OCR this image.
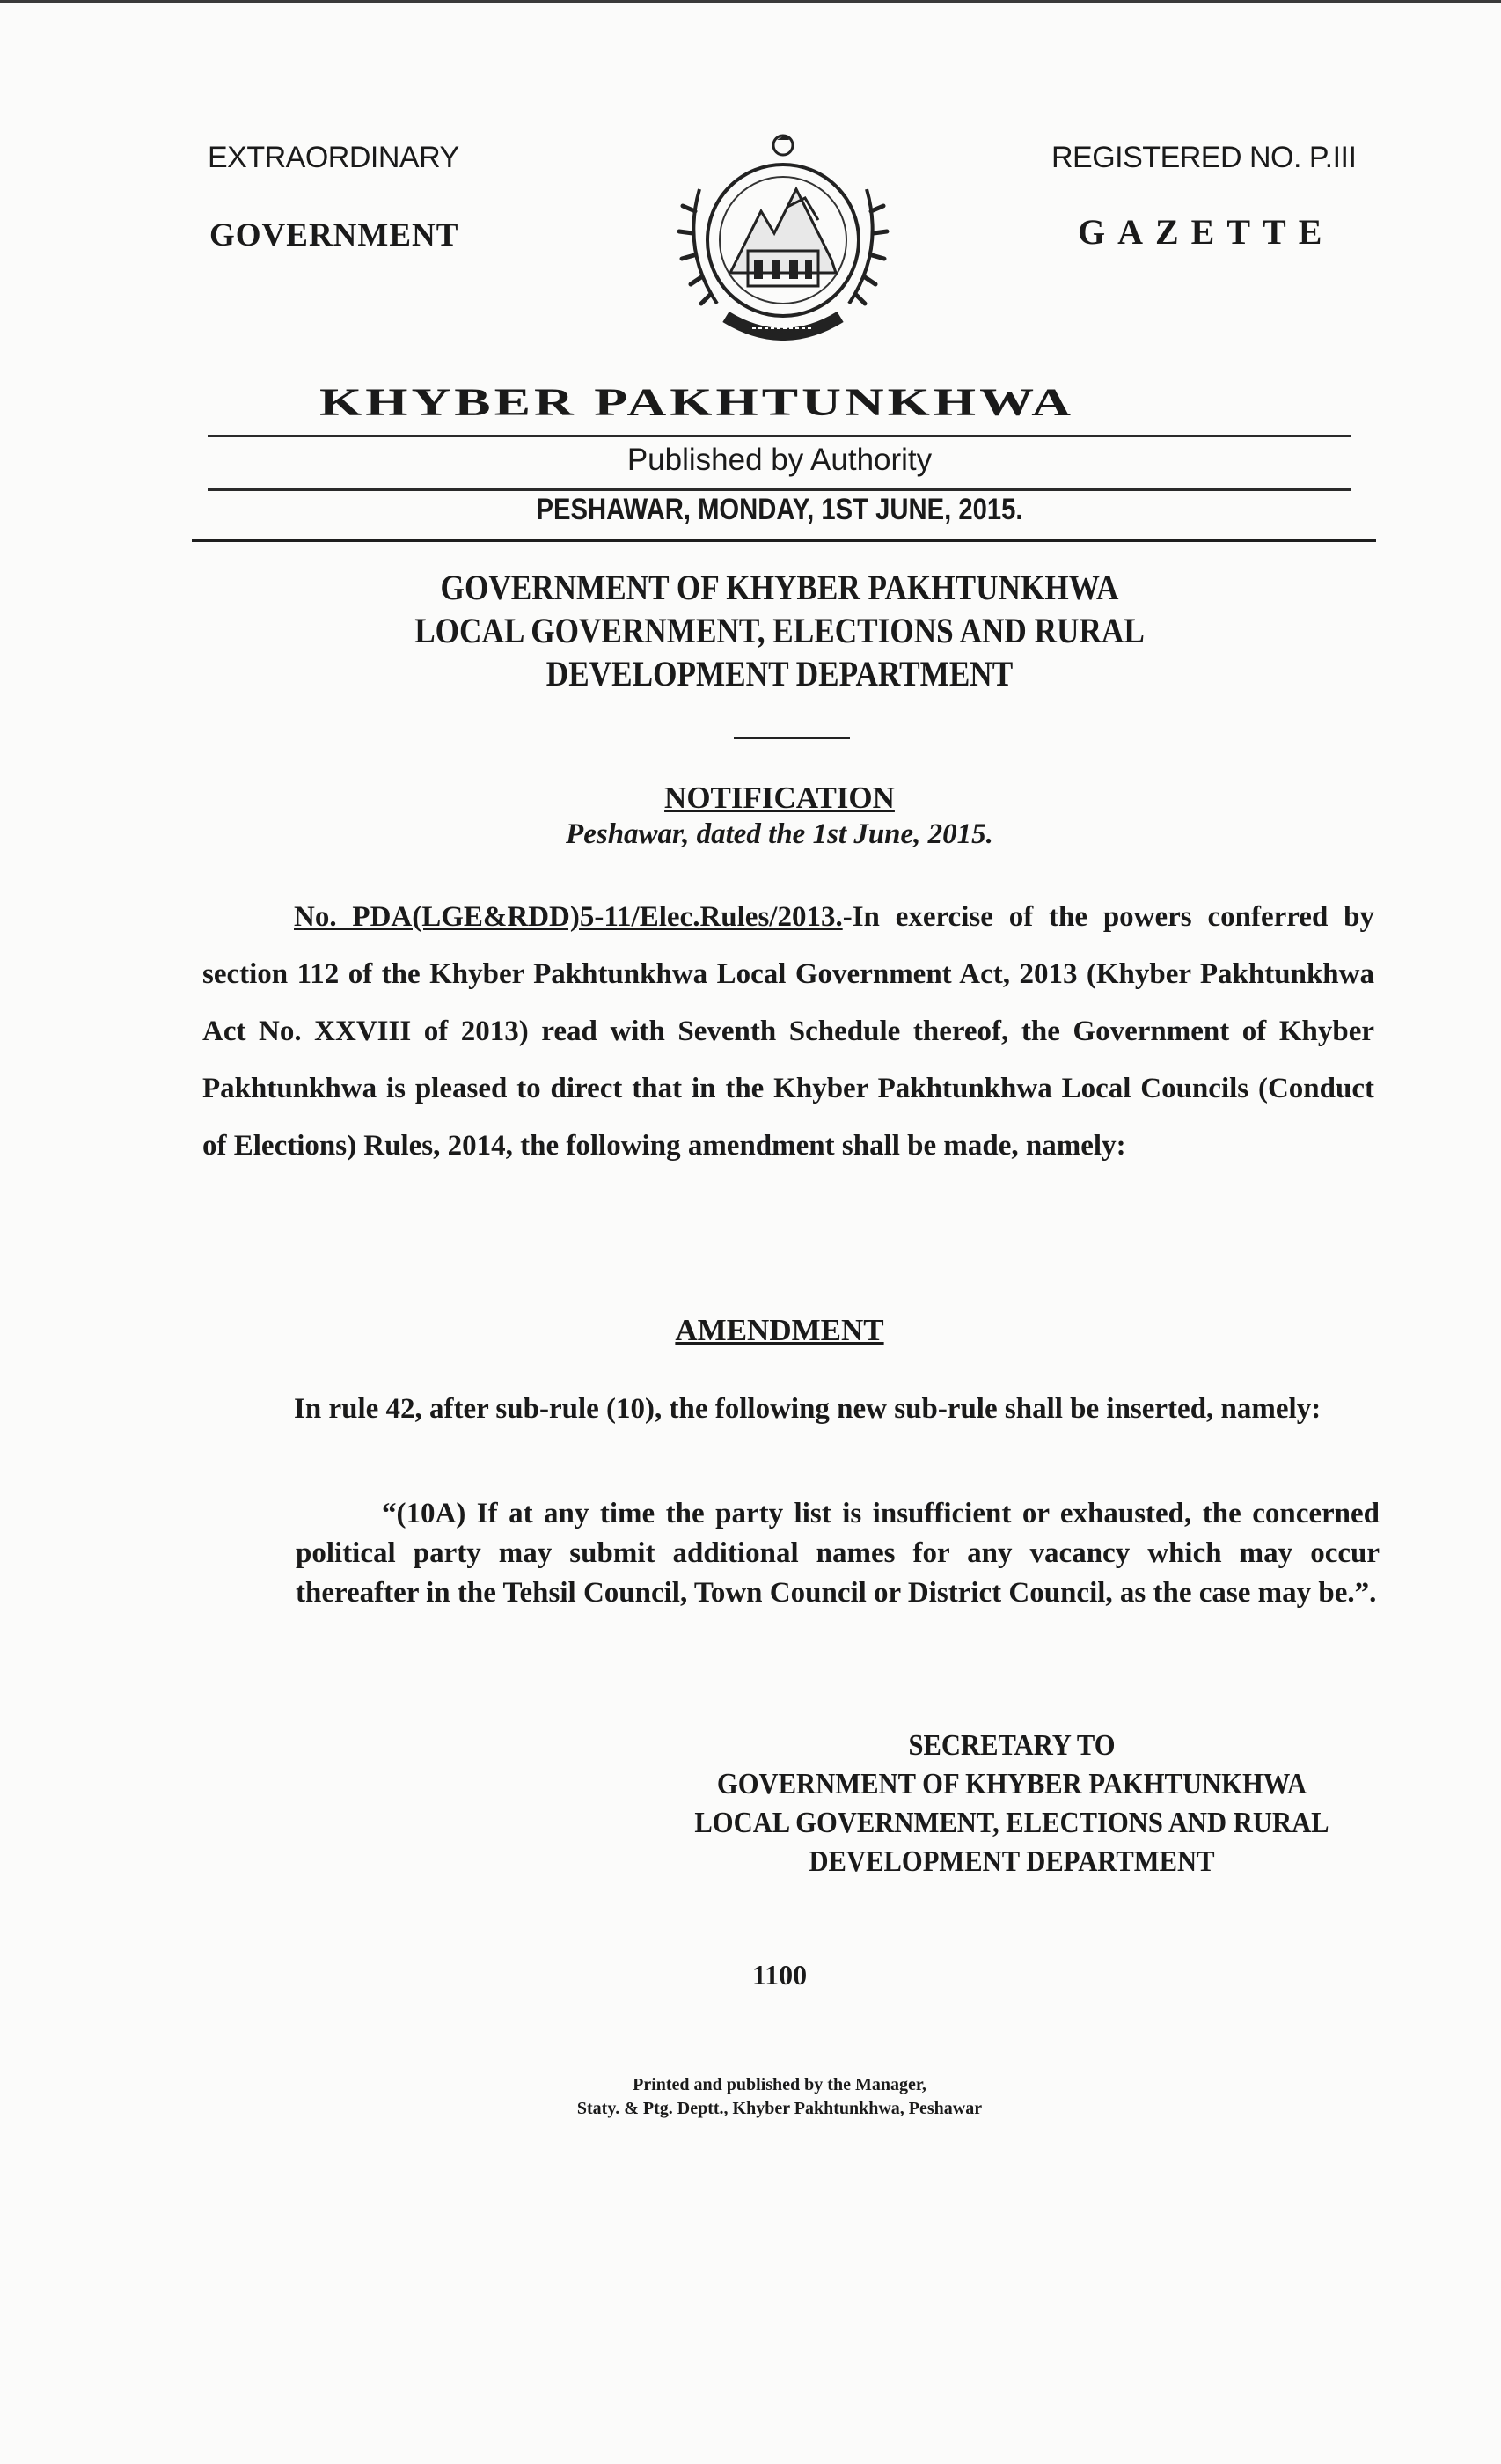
EXTRAORDINARY
GOVERNMENT
REGISTERED NO. P.III
GAZETTE
KHYBER PAKHTUNKHWA
Published by Authority
PESHAWAR, MONDAY, 1ST JUNE, 2015.
GOVERNMENT OF KHYBER PAKHTUNKHWA
LOCAL GOVERNMENT, ELECTIONS AND RURAL
DEVELOPMENT DEPARTMENT
NOTIFICATION
Peshawar, dated the 1st June, 2015.
No. PDA(LGE&RDD)5-11/Elec.Rules/2013.-In exercise of the powers conferred by section 112 of the Khyber Pakhtunkhwa Local Government Act, 2013 (Khyber Pakhtunkhwa Act No. XXVIII of 2013) read with Seventh Schedule thereof, the Government of Khyber Pakhtunkhwa is pleased to direct that in the Khyber Pakhtunkhwa Local Councils (Conduct of Elections) Rules, 2014, the following amendment shall be made, namely:
AMENDMENT
In rule 42, after sub-rule (10), the following new sub-rule shall be inserted, namely:
“(10A) If at any time the party list is insufficient or exhausted, the concerned political party may submit additional names for any vacancy which may occur thereafter in the Tehsil Council, Town Council or District Council, as the case may be.”.
SECRETARY TO
GOVERNMENT OF KHYBER PAKHTUNKHWA
LOCAL GOVERNMENT, ELECTIONS AND RURAL
DEVELOPMENT DEPARTMENT
1100
Printed and published by the Manager,
Staty. & Ptg. Deptt., Khyber Pakhtunkhwa, Peshawar
